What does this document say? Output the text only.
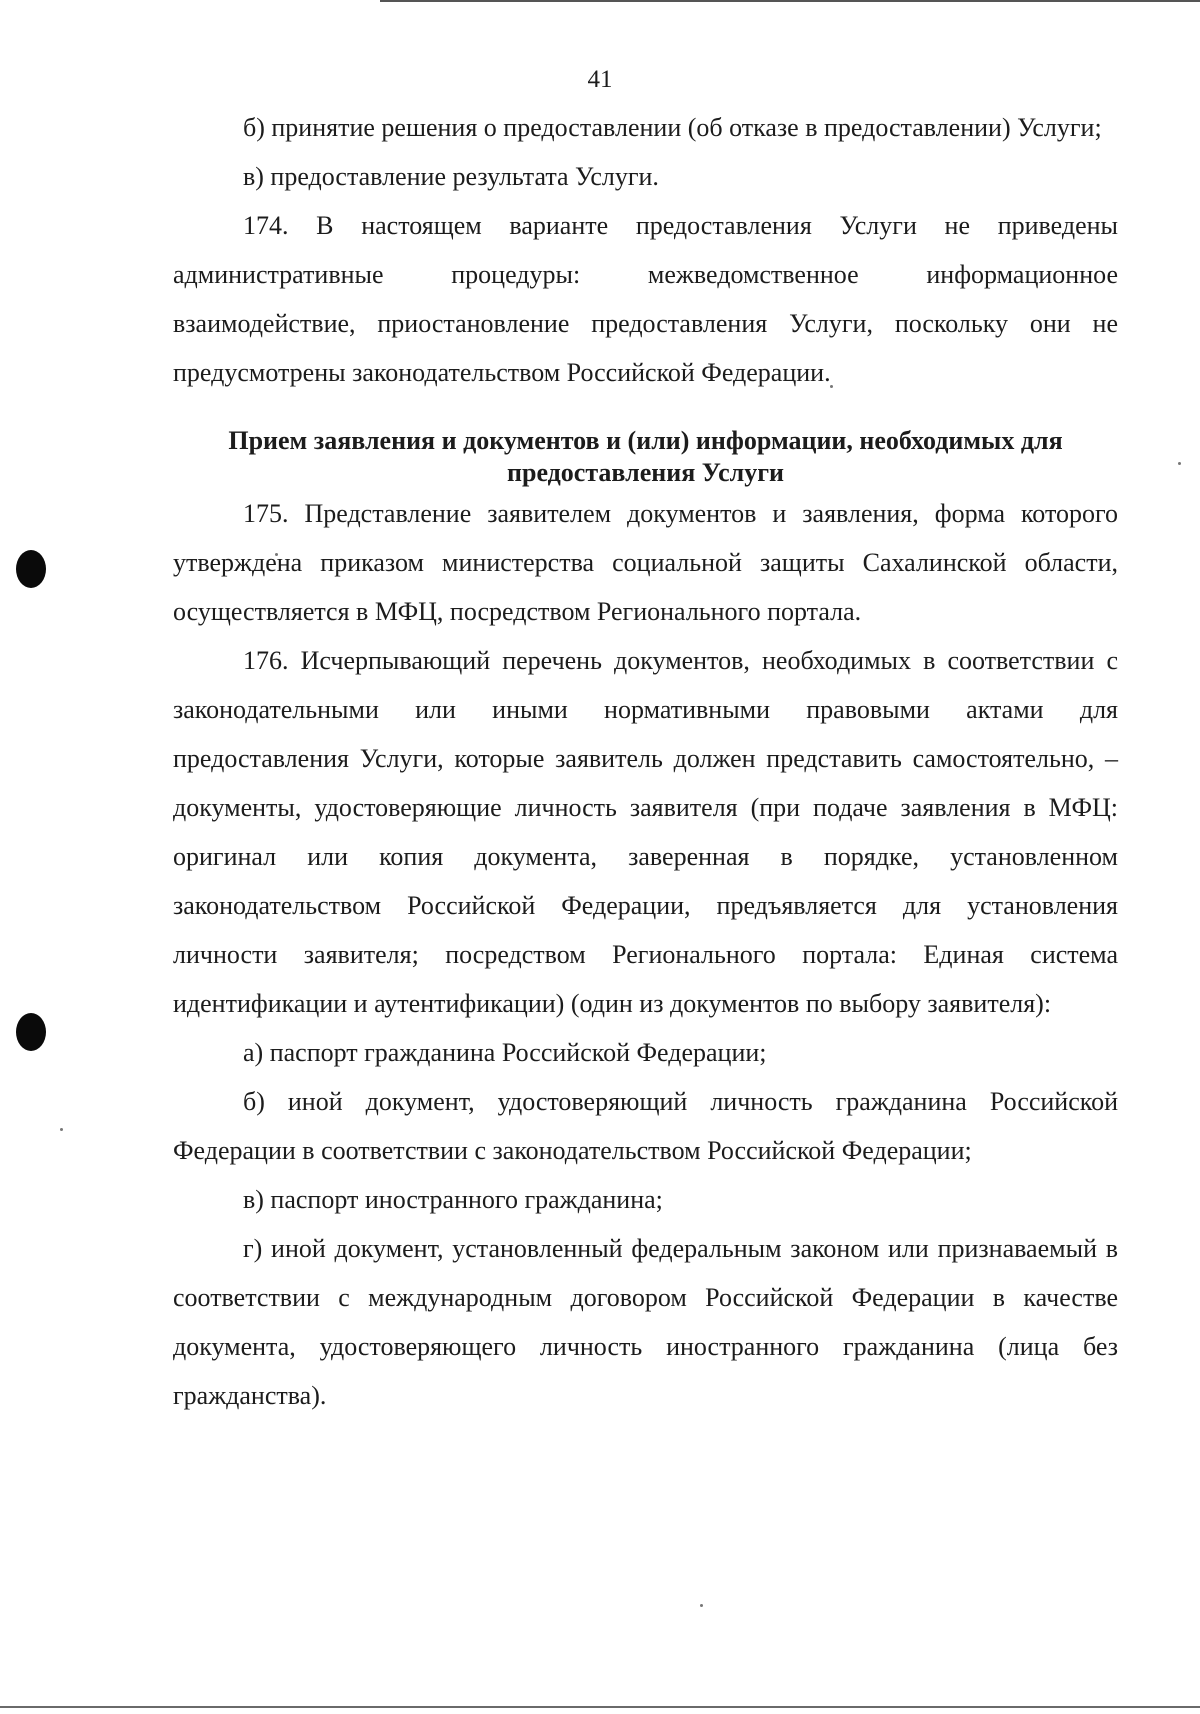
41

б) принятие решения о предоставлении (об отказе в предоставлении) Услуги;

в) предоставление результата Услуги.

174. В настоящем варианте предоставления Услуги не приведены административные процедуры: межведомственное информационное взаимодействие, приостановление предоставления Услуги, поскольку они не предусмотрены законодательством Российской Федерации.

Прием заявления и документов и (или) информации, необходимых для
предоставления Услуги

175. Представление заявителем документов и заявления, форма которого утверждена приказом министерства социальной защиты Сахалинской области, осуществляется в МФЦ, посредством Регионального портала.

176. Исчерпывающий перечень документов, необходимых в соответствии с законодательными или иными нормативными правовыми актами для предоставления Услуги, которые заявитель должен представить самостоятельно, – документы, удостоверяющие личность заявителя (при подаче заявления в МФЦ: оригинал или копия документа, заверенная в порядке, установленном законодательством Российской Федерации, предъявляется для установления личности заявителя; посредством Регионального портала: Единая система идентификации и аутентификации) (один из документов по выбору заявителя):

а) паспорт гражданина Российской Федерации;

б) иной документ, удостоверяющий личность гражданина Российской Федерации в соответствии с законодательством Российской Федерации;

в) паспорт иностранного гражданина;

г) иной документ, установленный федеральным законом или признаваемый в соответствии с международным договором Российской Федерации в качестве документа, удостоверяющего личность иностранного гражданина (лица без гражданства).
